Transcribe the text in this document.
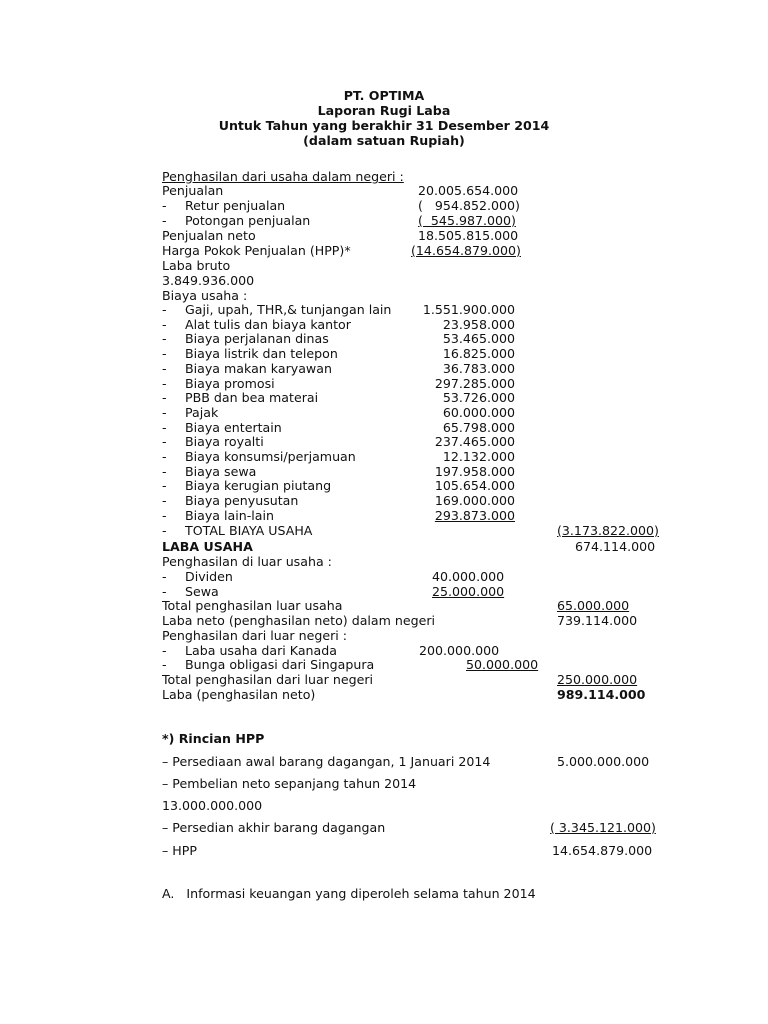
PT. OPTIMA
Laporan Rugi Laba
Untuk Tahun yang berakhir 31 Desember 2014
(dalam satuan Rupiah)
Penghasilan dari usaha dalam negeri :
Penjualan	20.005.654.000
-	Retur penjualan	(   954.852.000)
-	Potongan penjualan	(  545.987.000)
Penjualan neto	18.505.815.000
Harga Pokok Penjualan (HPP)*	(14.654.879.000)
Laba bruto
3.849.936.000
Biaya usaha :
-	Gaji, upah, THR,& tunjangan lain	1.551.900.000
-	Alat tulis dan biaya kantor	23.958.000
-	Biaya perjalanan dinas	53.465.000
-	Biaya listrik dan telepon	16.825.000
-	Biaya makan karyawan	36.783.000
-	Biaya promosi	297.285.000
-	PBB dan bea materai	53.726.000
-	Pajak	60.000.000
-	Biaya entertain	65.798.000
-	Biaya royalti	237.465.000
-	Biaya konsumsi/perjamuan	12.132.000
-	Biaya sewa	197.958.000
-	Biaya kerugian piutang	105.654.000
-	Biaya penyusutan	169.000.000
-	Biaya lain-lain	293.873.000
-	TOTAL BIAYA USAHA	(3.173.822.000)
LABA USAHA	674.114.000
Penghasilan di luar usaha :
-	Dividen	40.000.000
-	Sewa	25.000.000
Total penghasilan luar usaha	65.000.000
Laba neto (penghasilan neto) dalam negeri	739.114.000
Penghasilan dari luar negeri :
-	Laba usaha dari Kanada	200.000.000
-	Bunga obligasi dari Singapura	50.000.000
Total penghasilan dari luar negeri	250.000.000
Laba (penghasilan neto)	989.114.000
*) Rincian HPP
– Persediaan awal barang dagangan, 1 Januari 2014	5.000.000.000
– Pembelian neto sepanjang tahun 2014
13.000.000.000
– Persedian akhir barang dagangan	( 3.345.121.000)
– HPP	14.654.879.000
A.   Informasi keuangan yang diperoleh selama tahun 2014
